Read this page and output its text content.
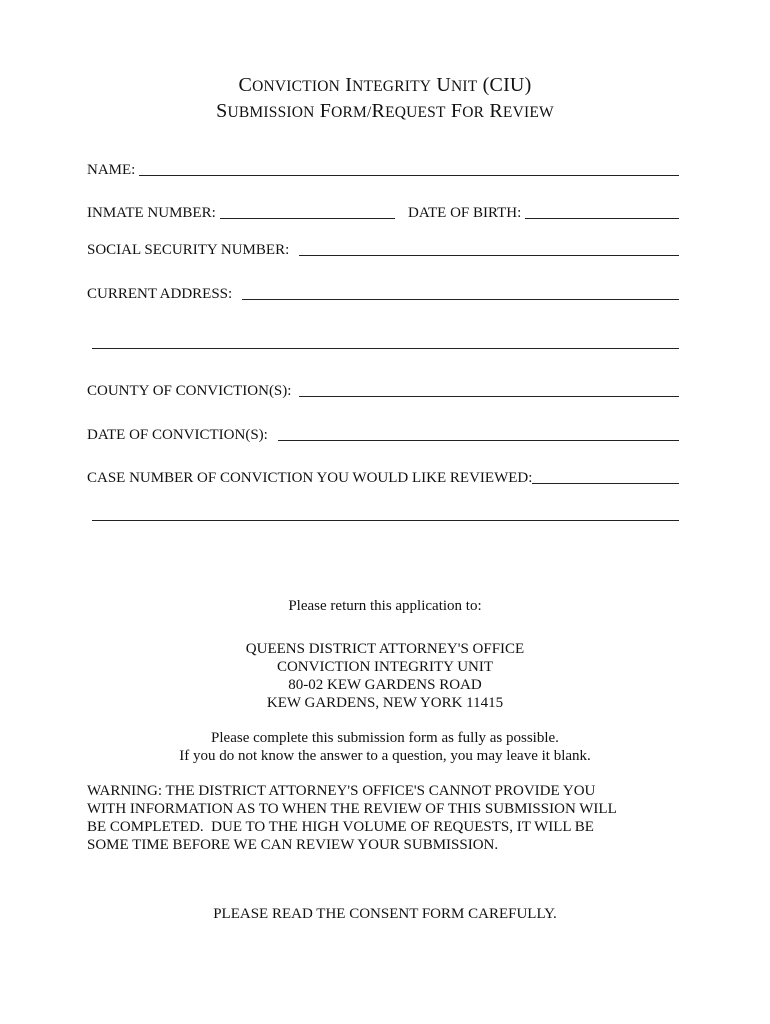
CONVICTION INTEGRITY UNIT (CIU)
SUBMISSION FORM/REQUEST FOR REVIEW
NAME:
INMATE NUMBER:	DATE OF BIRTH:
SOCIAL SECURITY NUMBER:
CURRENT ADDRESS:
COUNTY OF CONVICTION(S):
DATE OF CONVICTION(S):
CASE NUMBER OF CONVICTION YOU WOULD LIKE REVIEWED:
Please return this application to:
QUEENS DISTRICT ATTORNEY'S OFFICE
CONVICTION INTEGRITY UNIT
80-02 KEW GARDENS ROAD
KEW GARDENS, NEW YORK 11415
Please complete this submission form as fully as possible.
If you do not know the answer to a question, you may leave it blank.
WARNING: THE DISTRICT ATTORNEY'S OFFICE'S CANNOT PROVIDE YOU
WITH INFORMATION AS TO WHEN THE REVIEW OF THIS SUBMISSION WILL
BE COMPLETED.  DUE TO THE HIGH VOLUME OF REQUESTS, IT WILL BE
SOME TIME BEFORE WE CAN REVIEW YOUR SUBMISSION.
PLEASE READ THE CONSENT FORM CAREFULLY.
